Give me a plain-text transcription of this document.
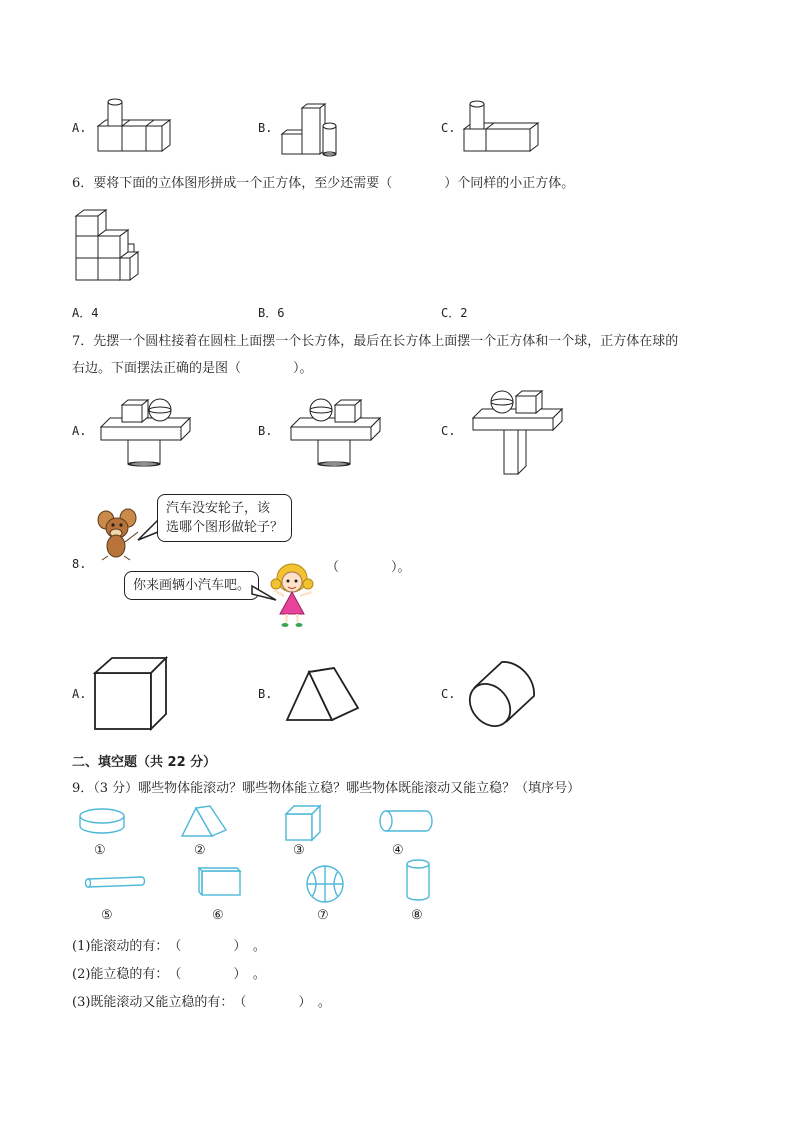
A.	B.	C.
6．要将下面的立体图形拼成一个正方体，至少还需要（　　　　）个同样的小正方体。
A．4	B．6	C．2
7．先摆一个圆柱接着在圆柱上面摆一个长方体，最后在长方体上面摆一个正方体和一个球，正方体在球的
右边。下面摆法正确的是图（　　　　）。
A.	B.	C.
汽车没安轮子，该
选哪个图形做轮子？
8.	（　　　　）。
你来画辆小汽车吧。
A.	B.	C.
二、填空题（共 22 分）
9．（3 分）哪些物体能滚动？哪些物体能立稳？哪些物体既能滚动又能立稳？（填序号）
①	②	③	④
⑤	⑥	⑦	⑧
(1)能滚动的有：　（　　　　）　。
(2)能立稳的有：　（　　　　）　。
(3)既能滚动又能立稳的有：　（　　　　）　。
